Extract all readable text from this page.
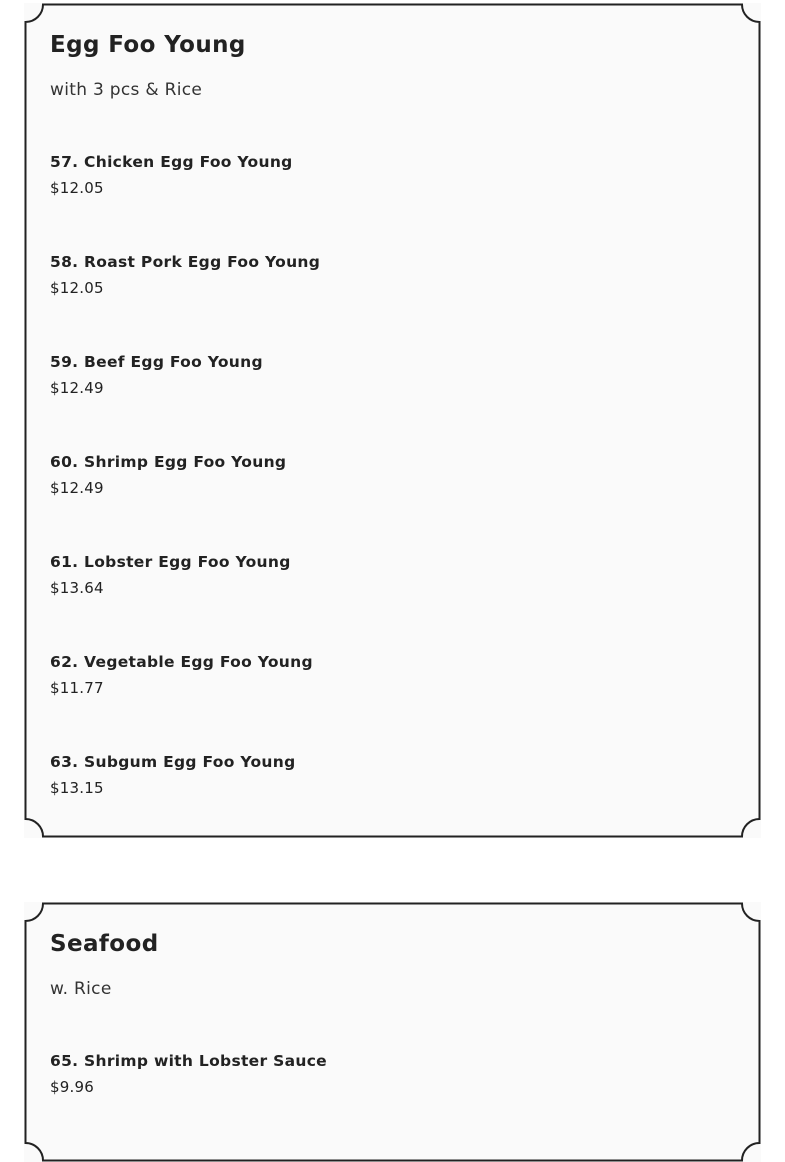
Egg Foo Young

with 3 pcs & Rice

57. Chicken Egg Foo Young

$12.05

58. Roast Pork Egg Foo Young

$12.05

59. Beef Egg Foo Young

$12.49

60. Shrimp Egg Foo Young

$12.49

61. Lobster Egg Foo Young

$13.64

62. Vegetable Egg Foo Young

$11.77

63. Subgum Egg Foo Young

$13.15

Seafood

w. Rice

65. Shrimp with Lobster Sauce

$9.96
